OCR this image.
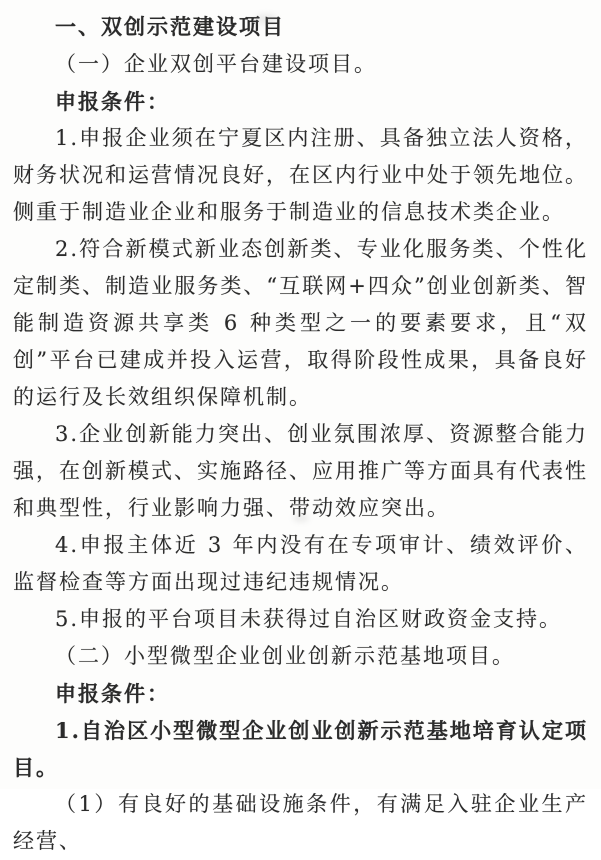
一、双创示范建设项目

（一）企业双创平台建设项目。

申报条件：

1.申报企业须在宁夏区内注册、具备独立法人资格，财务状况和运营情况良好，在区内行业中处于领先地位。侧重于制造业企业和服务于制造业的信息技术类企业。

2.符合新模式新业态创新类、专业化服务类、个性化定制类、制造业服务类、“互联网+四众”创业创新类、智能制造资源共享类 6 种类型之一的要素要求，且“双创”平台已建成并投入运营，取得阶段性成果，具备良好的运行及长效组织保障机制。

3.企业创新能力突出、创业氛围浓厚、资源整合能力强，在创新模式、实施路径、应用推广等方面具有代表性和典型性，行业影响力强、带动效应突出。

4.申报主体近 3 年内没有在专项审计、绩效评价、监督检查等方面出现过违纪违规情况。

5.申报的平台项目未获得过自治区财政资金支持。

（二）小型微型企业创业创新示范基地项目。

申报条件：

1.自治区小型微型企业创业创新示范基地培育认定项目。

（1）有良好的基础设施条件，有满足入驻企业生产经营、
